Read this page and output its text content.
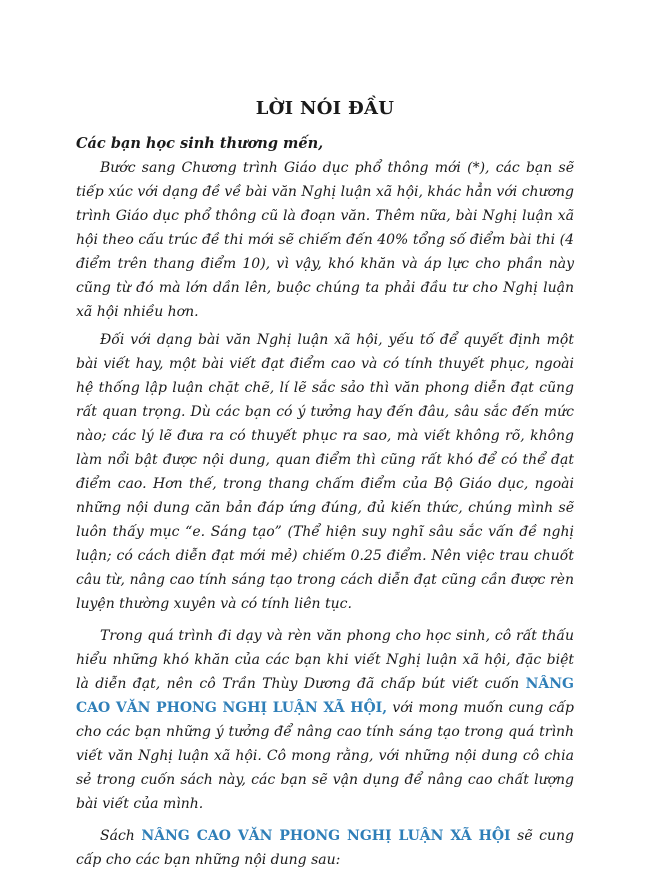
LỜI NÓI ĐẦU

Các bạn học sinh thương mến,

Bước sang Chương trình Giáo dục phổ thông mới (*), các bạn sẽ tiếp xúc với dạng đề về bài văn Nghị luận xã hội, khác hẳn với chương trình Giáo dục phổ thông cũ là đoạn văn. Thêm nữa, bài Nghị luận xã hội theo cấu trúc đề thi mới sẽ chiếm đến 40% tổng số điểm bài thi (4 điểm trên thang điểm 10), vì vậy, khó khăn và áp lực cho phần này cũng từ đó mà lớn dần lên, buộc chúng ta phải đầu tư cho Nghị luận xã hội nhiều hơn.

Đối với dạng bài văn Nghị luận xã hội, yếu tố để quyết định một bài viết hay, một bài viết đạt điểm cao và có tính thuyết phục, ngoài hệ thống lập luận chặt chẽ, lí lẽ sắc sảo thì văn phong diễn đạt cũng rất quan trọng. Dù các bạn có ý tưởng hay đến đâu, sâu sắc đến mức nào; các lý lẽ đưa ra có thuyết phục ra sao, mà viết không rõ, không làm nổi bật được nội dung, quan điểm thì cũng rất khó để có thể đạt điểm cao. Hơn thế, trong thang chấm điểm của Bộ Giáo dục, ngoài những nội dung căn bản đáp ứng đúng, đủ kiến thức, chúng mình sẽ luôn thấy mục “e. Sáng tạo” (Thể hiện suy nghĩ sâu sắc vấn đề nghị luận; có cách diễn đạt mới mẻ) chiếm 0.25 điểm. Nên việc trau chuốt câu từ, nâng cao tính sáng tạo trong cách diễn đạt cũng cần được rèn luyện thường xuyên và có tính liên tục.

Trong quá trình đi dạy và rèn văn phong cho học sinh, cô rất thấu hiểu những khó khăn của các bạn khi viết Nghị luận xã hội, đặc biệt là diễn đạt, nên cô Trần Thùy Dương đã chấp bút viết cuốn NÂNG CAO VĂN PHONG NGHỊ LUẬN XÃ HỘI, với mong muốn cung cấp cho các bạn những ý tưởng để nâng cao tính sáng tạo trong quá trình viết văn Nghị luận xã hội. Cô mong rằng, với những nội dung cô chia sẻ trong cuốn sách này, các bạn sẽ vận dụng để nâng cao chất lượng bài viết của mình.

Sách NÂNG CAO VĂN PHONG NGHỊ LUẬN XÃ HỘI sẽ cung cấp cho các bạn những nội dung sau:
